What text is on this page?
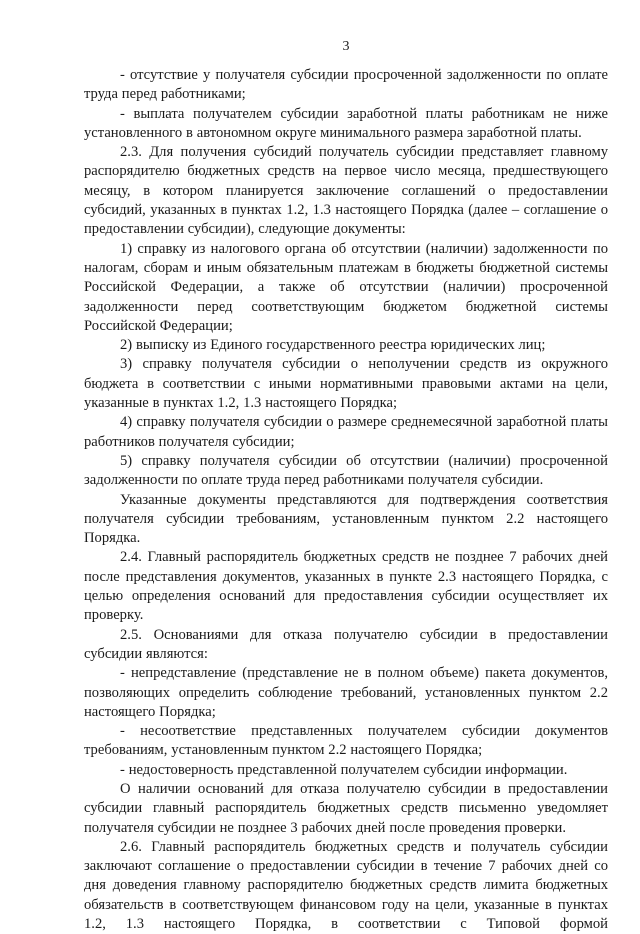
3

- отсутствие у получателя субсидии просроченной задолженности по оплате труда перед работниками;

- выплата получателем субсидии заработной платы работникам не ниже установленного в автономном округе минимального размера заработной платы.

2.3. Для получения субсидий получатель субсидии представляет главному распорядителю бюджетных средств на первое число месяца, предшествующего месяцу, в котором планируется заключение соглашений о предоставлении субсидий, указанных в пунктах 1.2, 1.3 настоящего Порядка (далее – соглашение о предоставлении субсидии), следующие документы:

1) справку из налогового органа об отсутствии (наличии) задолженности по налогам, сборам и иным обязательным платежам в бюджеты бюджетной системы Российской Федерации, а также об отсутствии (наличии) просроченной задолженности перед соответствующим бюджетом бюджетной системы Российской Федерации;

2) выписку из Единого государственного реестра юридических лиц;

3) справку получателя субсидии о неполучении средств из окружного бюджета в соответствии с иными нормативными правовыми актами на цели, указанные в пунктах 1.2, 1.3 настоящего Порядка;

4) справку получателя субсидии о размере среднемесячной заработной платы работников получателя субсидии;

5) справку получателя субсидии об отсутствии (наличии) просроченной задолженности по оплате труда перед работниками получателя субсидии.

Указанные документы представляются для подтверждения соответствия получателя субсидии требованиям, установленным пунктом 2.2 настоящего Порядка.

2.4. Главный распорядитель бюджетных средств не позднее 7 рабочих дней после представления документов, указанных в пункте 2.3 настоящего Порядка, с целью определения оснований для предоставления субсидии осуществляет их проверку.

2.5. Основаниями для отказа получателю субсидии в предоставлении субсидии являются:

- непредставление (представление не в полном объеме) пакета документов, позволяющих определить соблюдение требований, установленных пунктом 2.2 настоящего Порядка;

- несоответствие представленных получателем субсидии документов требованиям, установленным пунктом 2.2 настоящего Порядка;

- недостоверность представленной получателем субсидии информации.

О наличии оснований для отказа получателю субсидии в предоставлении субсидии главный распорядитель бюджетных средств письменно уведомляет получателя субсидии не позднее 3 рабочих дней после проведения проверки.

2.6. Главный распорядитель бюджетных средств и получатель субсидии заключают соглашение о предоставлении субсидии в течение 7 рабочих дней со дня доведения главному распорядителю бюджетных средств лимита бюджетных обязательств в соответствующем финансовом году на цели, указанные в пунктах 1.2, 1.3 настоящего Порядка, в соответствии с Типовой формой
